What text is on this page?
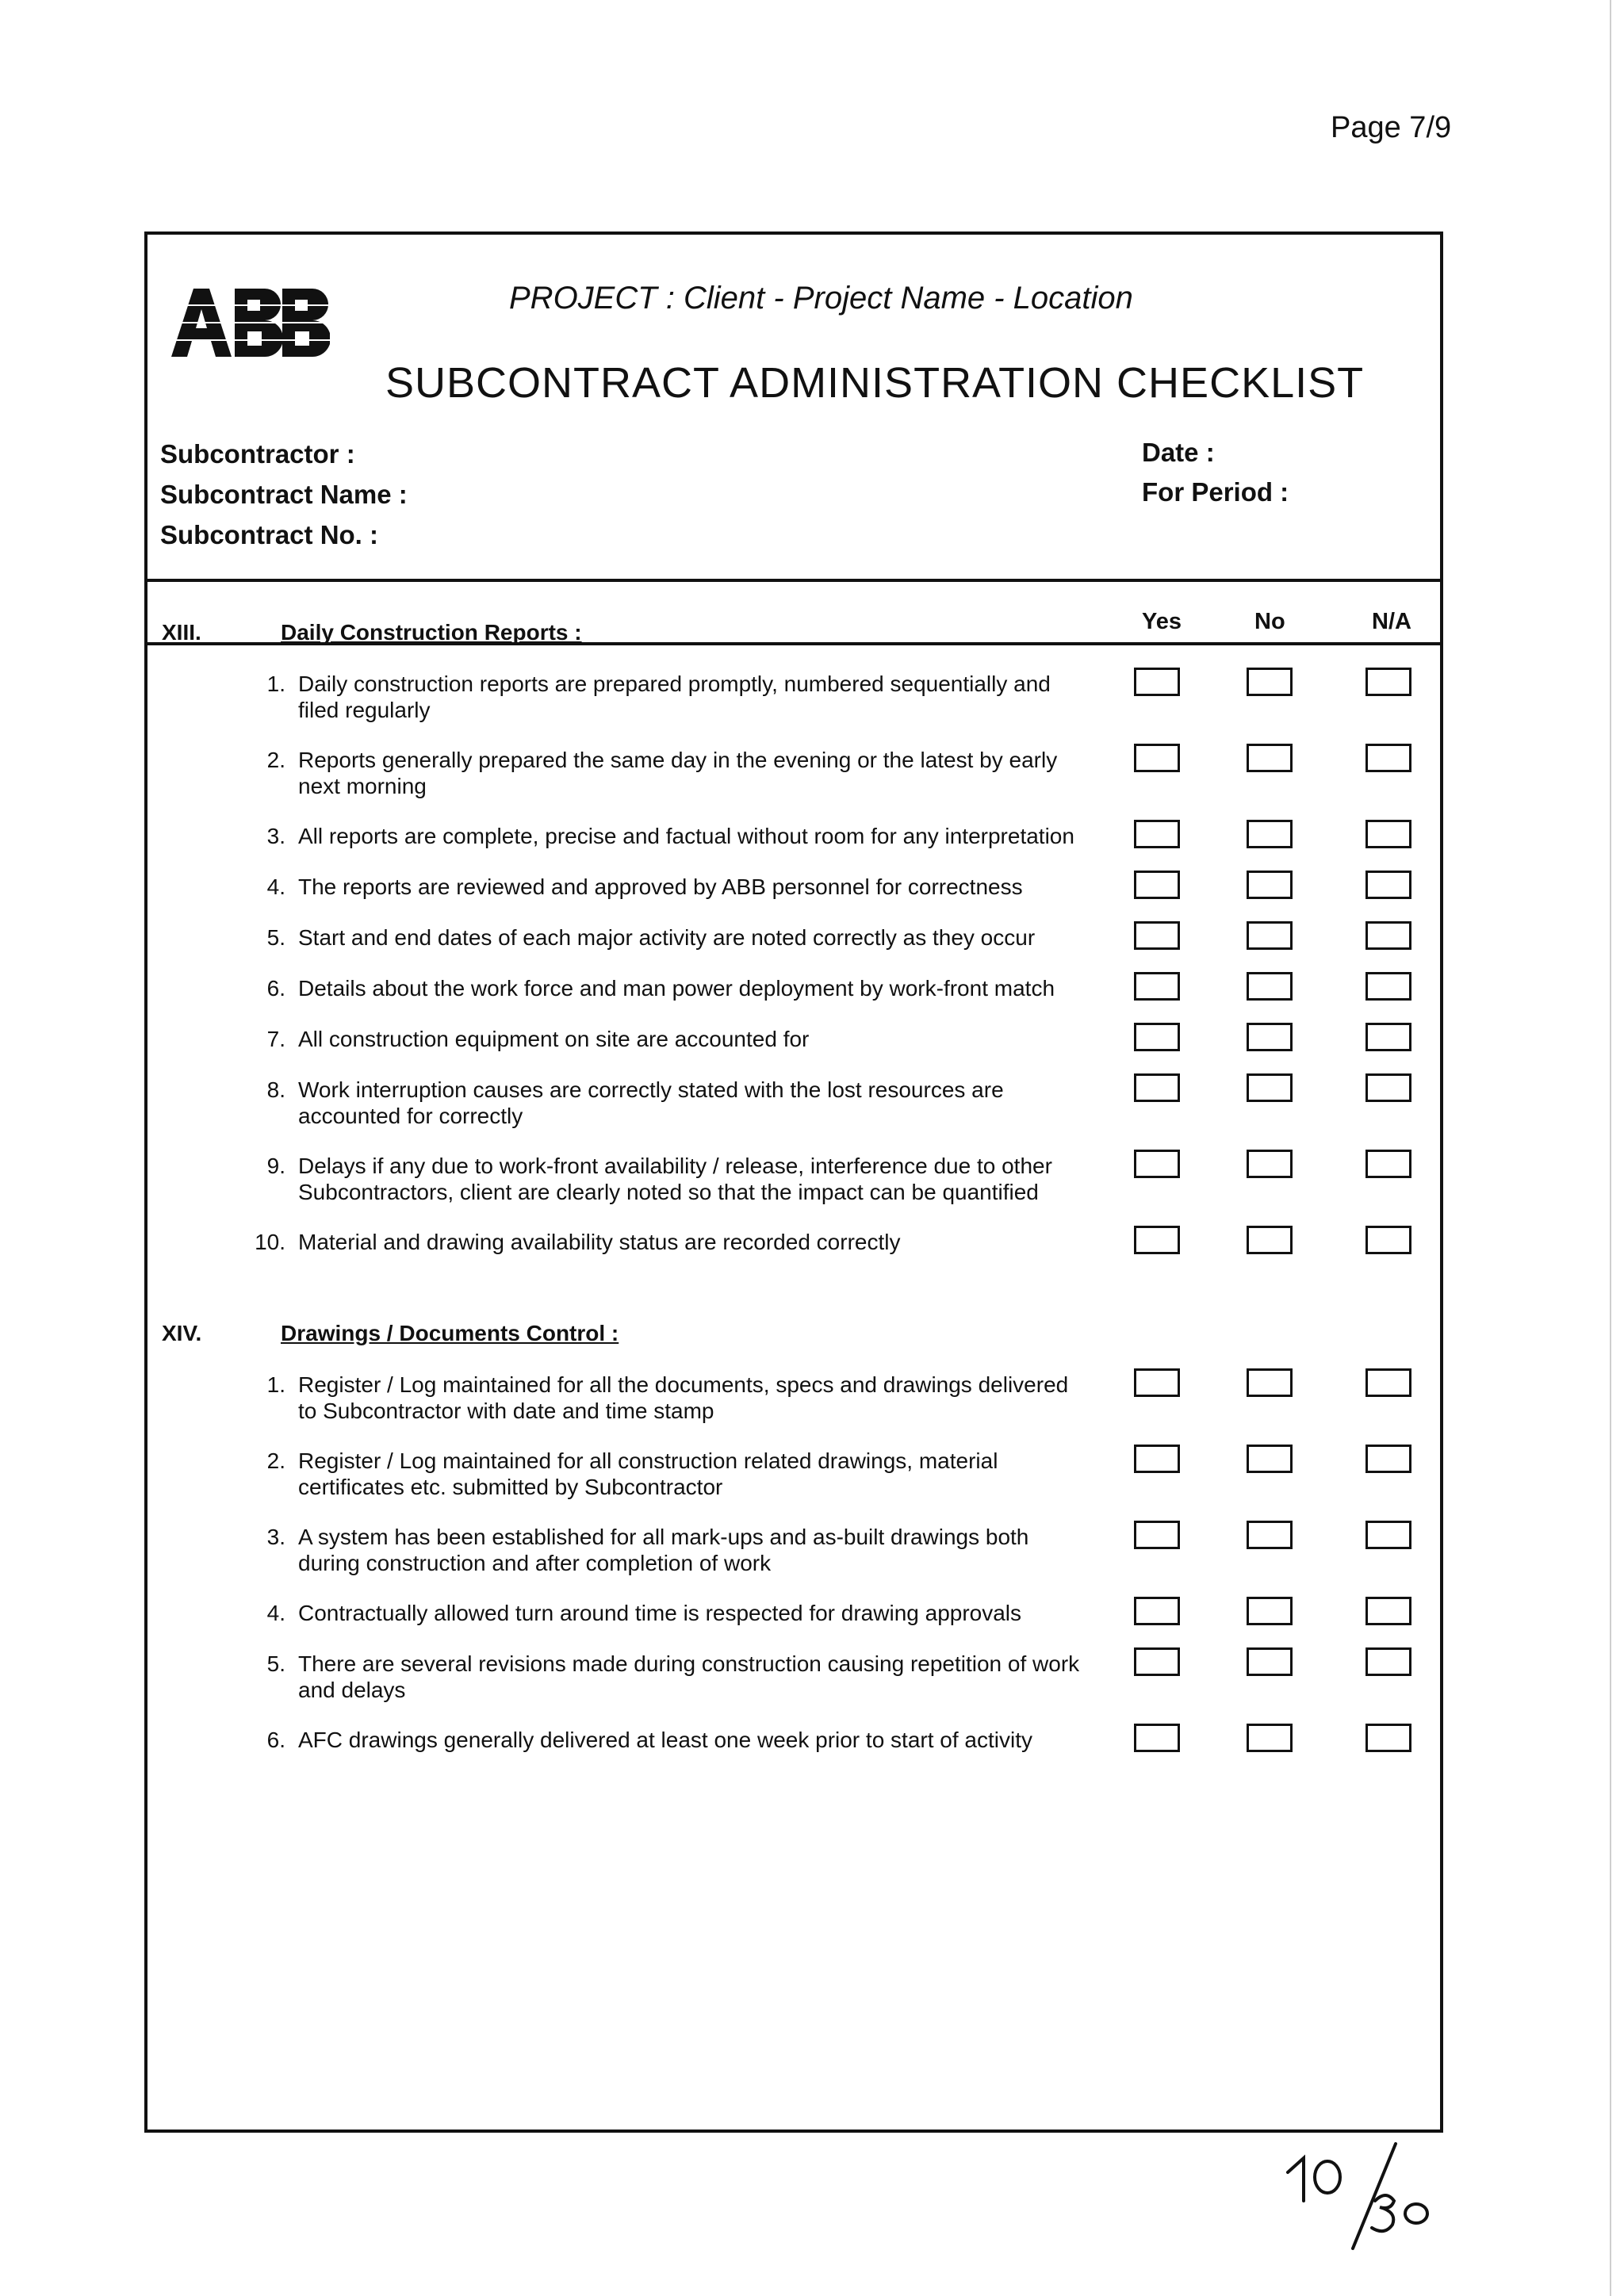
Page 7/9
PROJECT : Client - Project Name - Location
SUBCONTRACT ADMINISTRATION CHECKLIST
Subcontractor :
Subcontract Name :
Subcontract No. :
Date :
For Period :
Yes	No	N/A
XIII.	Daily Construction Reports :
1. Daily construction reports are prepared promptly, numbered sequentially and filed regularly
2. Reports generally prepared the same day in the evening or the latest by early next morning
3. All reports are complete, precise and factual without room for any interpretation
4. The reports are reviewed and approved by ABB personnel for correctness
5. Start and end dates of each major activity are noted correctly as they occur
6. Details about the work force and man power deployment by work-front match
7. All construction equipment on site are accounted for
8. Work interruption causes are correctly stated with the lost resources are accounted for correctly
9. Delays if any due to work-front availability / release, interference due to other Subcontractors, client are clearly noted so that the impact can be quantified
10. Material and drawing availability status are recorded correctly
XIV.	Drawings / Documents Control :
1. Register / Log maintained for all the documents, specs and drawings delivered to Subcontractor with date and time stamp
2. Register / Log maintained for all construction related drawings, material certificates etc. submitted by Subcontractor
3. A system has been established for all mark-ups and as-built drawings both during construction and after completion of work
4. Contractually allowed turn around time is respected for drawing approvals
5. There are several revisions made during construction causing repetition of work and delays
6. AFC drawings generally delivered at least one week prior to start of activity
